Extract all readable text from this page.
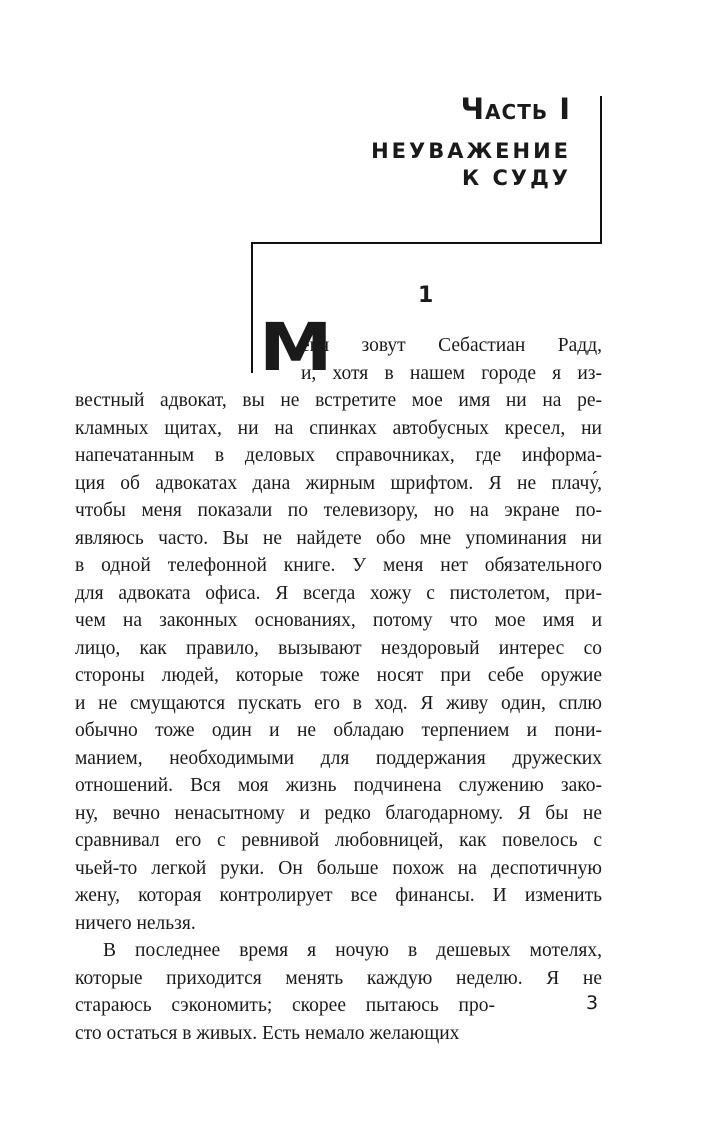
Часть I
НЕУВАЖЕНИЕ
К СУДУ
1
М
еня зовут Себастиан Радд,
и, хотя в нашем городе я из-
вестный адвокат, вы не встретите мое имя ни на ре-
кламных щитах, ни на спинках автобусных кресел, ни
напечатанным в деловых справочниках, где информа-
ция об адвокатах дана жирным шрифтом. Я не плачу́,
чтобы меня показали по телевизору, но на экране по-
являюсь часто. Вы не найдете обо мне упоминания ни
в одной телефонной книге. У меня нет обязательного
для адвоката офиса. Я всегда хожу с пистолетом, при-
чем на законных основаниях, потому что мое имя и
лицо, как правило, вызывают нездоровый интерес со
стороны людей, которые тоже носят при себе оружие
и не смущаются пускать его в ход. Я живу один, сплю
обычно тоже один и не обладаю терпением и пони-
манием, необходимыми для поддержания дружеских
отношений. Вся моя жизнь подчинена служению зако-
ну, вечно ненасытному и редко благодарному. Я бы не
сравнивал его с ревнивой любовницей, как повелось с
чьей-то легкой руки. Он больше похож на деспотичную
жену, которая контролирует все финансы. И изменить
ничего нельзя.
В последнее время я ночую в дешевых мотелях,
которые приходится менять каждую неделю. Я не
стараюсь сэкономить; скорее пытаюсь про-
сто остаться в живых. Есть немало желающих
3
